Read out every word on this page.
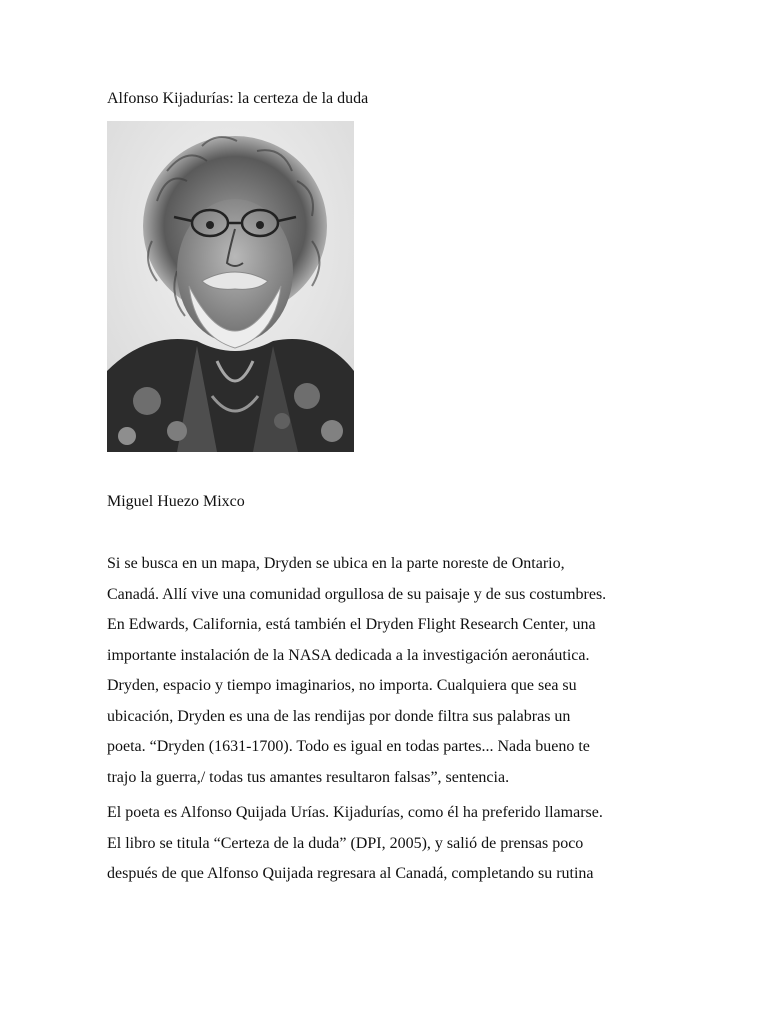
Alfonso Kijadurías: la certeza de la duda
Miguel Huezo Mixco

Si se busca en un mapa, Dryden se ubica en la parte noreste de Ontario,
Canadá. Allí vive una comunidad orgullosa de su paisaje y de sus costumbres.
En Edwards, California, está también el Dryden Flight Research Center, una
importante instalación de la NASA dedicada a la investigación aeronáutica.
Dryden, espacio y tiempo imaginarios, no importa. Cualquiera que sea su
ubicación, Dryden es una de las rendijas por donde filtra sus palabras un
poeta. “Dryden (1631-1700). Todo es igual en todas partes... Nada bueno te
trajo la guerra,/ todas tus amantes resultaron falsas”, sentencia.

El poeta es Alfonso Quijada Urías. Kijadurías, como él ha preferido llamarse.
El libro se titula “Certeza de la duda” (DPI, 2005), y salió de prensas poco
después de que Alfonso Quijada regresara al Canadá, completando su rutina
